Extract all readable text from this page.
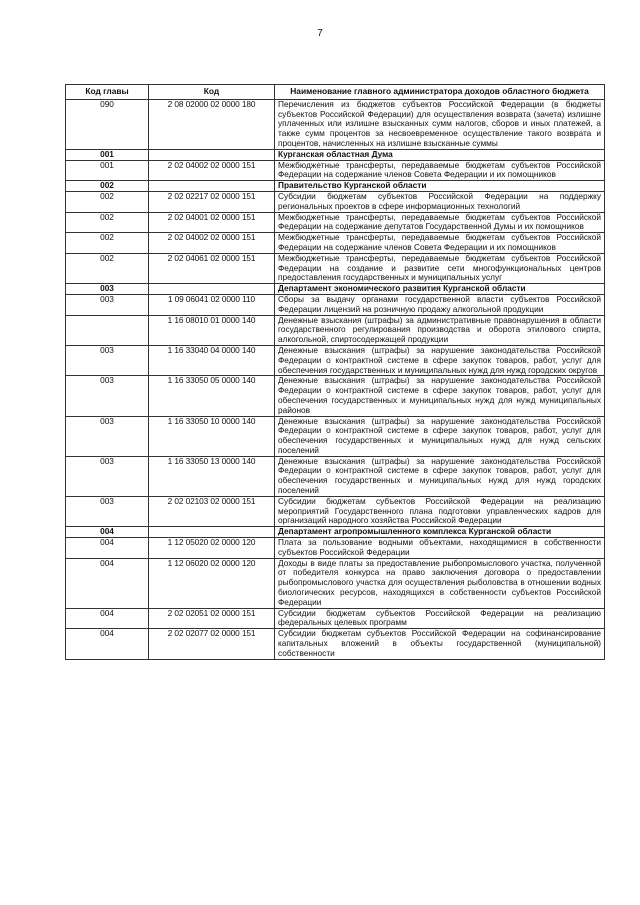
7
Код главы	Код	Наименование главного администратора доходов областного бюджета
090	2 08 02000 02 0000 180	Перечисления из бюджетов субъектов Российской Федерации (в бюджеты субъектов Российской Федерации) для осуществления возврата (зачета) излишне уплаченных или излишне взысканных сумм налогов, сборов и иных платежей, а также сумм процентов за несвоевременное осуществление такого возврата и процентов, начисленных на излишне взысканные суммы
001		Курганская областная Дума
001	2 02 04002 02 0000 151	Межбюджетные трансферты, передаваемые бюджетам субъектов Российской Федерации на содержание членов Совета Федерации и их помощников
002		Правительство Курганской области
002	2 02 02217 02 0000 151	Субсидии бюджетам субъектов Российской Федерации на поддержку региональных проектов в сфере информационных технологий
002	2 02 04001 02 0000 151	Межбюджетные трансферты, передаваемые бюджетам субъектов Российской Федерации на содержание депутатов Государственной Думы и их помощников
002	2 02 04002 02 0000 151	Межбюджетные трансферты, передаваемые бюджетам субъектов Российской Федерации на содержание членов Совета Федерации и их помощников
002	2 02 04061 02 0000 151	Межбюджетные трансферты, передаваемые бюджетам субъектов Российской Федерации на создание и развитие сети многофункциональных центров предоставления государственных и муниципальных услуг
003		Департамент экономического развития Курганской области
003	1 09 06041 02 0000 110	Сборы за выдачу органами государственной власти субъектов Российской Федерации лицензий на розничную продажу алкогольной продукции
	1 16 08010 01 0000 140	Денежные взыскания (штрафы) за административные правонарушения в области государственного регулирования производства и оборота этилового спирта, алкогольной, спиртосодержащей продукции
003	1 16 33040 04 0000 140	Денежные взыскания (штрафы) за нарушение законодательства Российской Федерации о контрактной системе в сфере закупок товаров, работ, услуг для обеспечения государственных и муниципальных нужд для нужд городских округов
003	1 16 33050 05 0000 140	Денежные взыскания (штрафы) за нарушение законодательства Российской Федерации о контрактной системе в сфере закупок товаров, работ, услуг для обеспечения государственных и муниципальных нужд для нужд муниципальных районов
003	1 16 33050 10 0000 140	Денежные взыскания (штрафы) за нарушение законодательства Российской Федерации о контрактной системе в сфере закупок товаров, работ, услуг для обеспечения государственных и муниципальных нужд для нужд сельских поселений
003	1 16 33050 13 0000 140	Денежные взыскания (штрафы) за нарушение законодательства Российской Федерации о контрактной системе в сфере закупок товаров, работ, услуг для обеспечения государственных и муниципальных нужд для нужд городских поселений
003	2 02 02103 02 0000 151	Субсидии бюджетам субъектов Российской Федерации на реализацию мероприятий Государственного плана подготовки управленческих кадров для организаций народного хозяйства Российской Федерации
004		Департамент агропромышленного комплекса Курганской области
004	1 12 05020 02 0000 120	Плата за пользование водными объектами, находящимися в собственности субъектов Российской Федерации
004	1 12 06020 02 0000 120	Доходы в виде платы за предоставление рыбопромыслового участка, полученной от победителя конкурса на право заключения договора о предоставлении рыбопромыслового участка для осуществления рыболовства в отношении водных биологических ресурсов, находящихся в собственности субъектов Российской Федерации
004	2 02 02051 02 0000 151	Субсидии бюджетам субъектов Российской Федерации на реализацию федеральных целевых программ
004	2 02 02077 02 0000 151	Субсидии бюджетам субъектов Российской Федерации на софинансирование капитальных вложений в объекты государственной (муниципальной) собственности
